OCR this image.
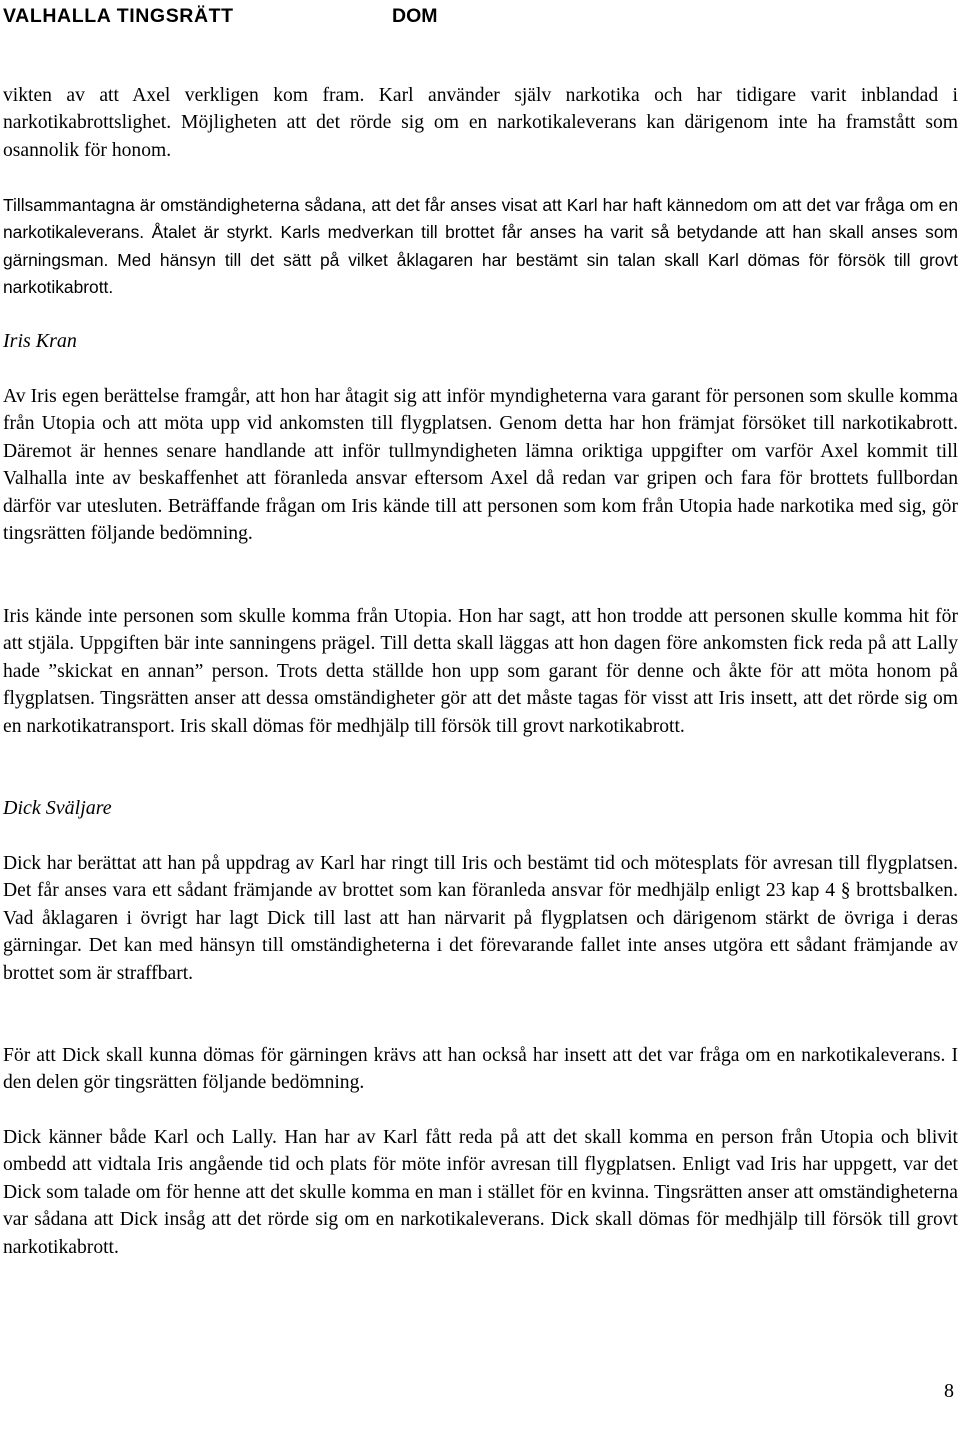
VALHALLA TINGSRÄTT	DOM

vikten av att Axel verkligen kom fram. Karl använder själv narkotika och har tidigare varit inblandad i narkotikabrottslighet. Möjligheten att det rörde sig om en narkotikaleverans kan därigenom inte ha framstått som osannolik för honom.

Tillsammantagna är omständigheterna sådana, att det får anses visat att Karl har haft kännedom om att det var fråga om en narkotikaleverans. Åtalet är styrkt. Karls medverkan till brottet får anses ha varit så betydande att han skall anses som gärningsman. Med hänsyn till det sätt på vilket åklagaren har bestämt sin talan skall Karl dömas för försök till grovt narkotikabrott.

Iris Kran

Av Iris egen berättelse framgår, att hon har åtagit sig att inför myndigheterna vara garant för personen som skulle komma från Utopia och att möta upp vid ankomsten till flygplatsen. Genom detta har hon främjat försöket till narkotikabrott. Däremot är hennes senare handlande att inför tullmyndigheten lämna oriktiga uppgifter om varför Axel kommit till Valhalla inte av beskaffenhet att föranleda ansvar eftersom Axel då redan var gripen och fara för brottets fullbordan därför var utesluten. Beträffande frågan om Iris kände till att personen som kom från Utopia hade narkotika med sig, gör tingsrätten följande bedömning.

Iris kände inte personen som skulle komma från Utopia. Hon har sagt, att hon trodde att personen skulle komma hit för att stjäla. Uppgiften bär inte sanningens prägel. Till detta skall läggas att hon dagen före ankomsten fick reda på att Lally hade ”skickat en annan” person. Trots detta ställde hon upp som garant för denne och åkte för att möta honom på flygplatsen. Tingsrätten anser att dessa omständigheter gör att det måste tagas för visst att Iris insett, att det rörde sig om en narkotikatransport. Iris skall dömas för medhjälp till försök till grovt narkotikabrott.

Dick Sväljare

Dick har berättat att han på uppdrag av Karl har ringt till Iris och bestämt tid och mötesplats för avresan till flygplatsen. Det får anses vara ett sådant främjande av brottet som kan föranleda ansvar för medhjälp enligt 23 kap 4 § brottsbalken. Vad åklagaren i övrigt har lagt Dick till last att han närvarit på flygplatsen och därigenom stärkt de övriga i deras gärningar. Det kan med hänsyn till omständigheterna i det förevarande fallet inte anses utgöra ett sådant främjande av brottet som är straffbart.

För att Dick skall kunna dömas för gärningen krävs att han också har insett att det var fråga om en narkotikaleverans. I den delen gör tingsrätten följande bedömning.

Dick känner både Karl och Lally. Han har av Karl fått reda på att det skall komma en person från Utopia och blivit ombedd att vidtala Iris angående tid och plats för möte inför avresan till flygplatsen. Enligt vad Iris har uppgett, var det Dick som talade om för henne att det skulle komma en man i stället för en kvinna. Tingsrätten anser att omständigheterna var sådana att Dick insåg att det rörde sig om en narkotikaleverans. Dick skall dömas för medhjälp till försök till grovt narkotikabrott.

8
